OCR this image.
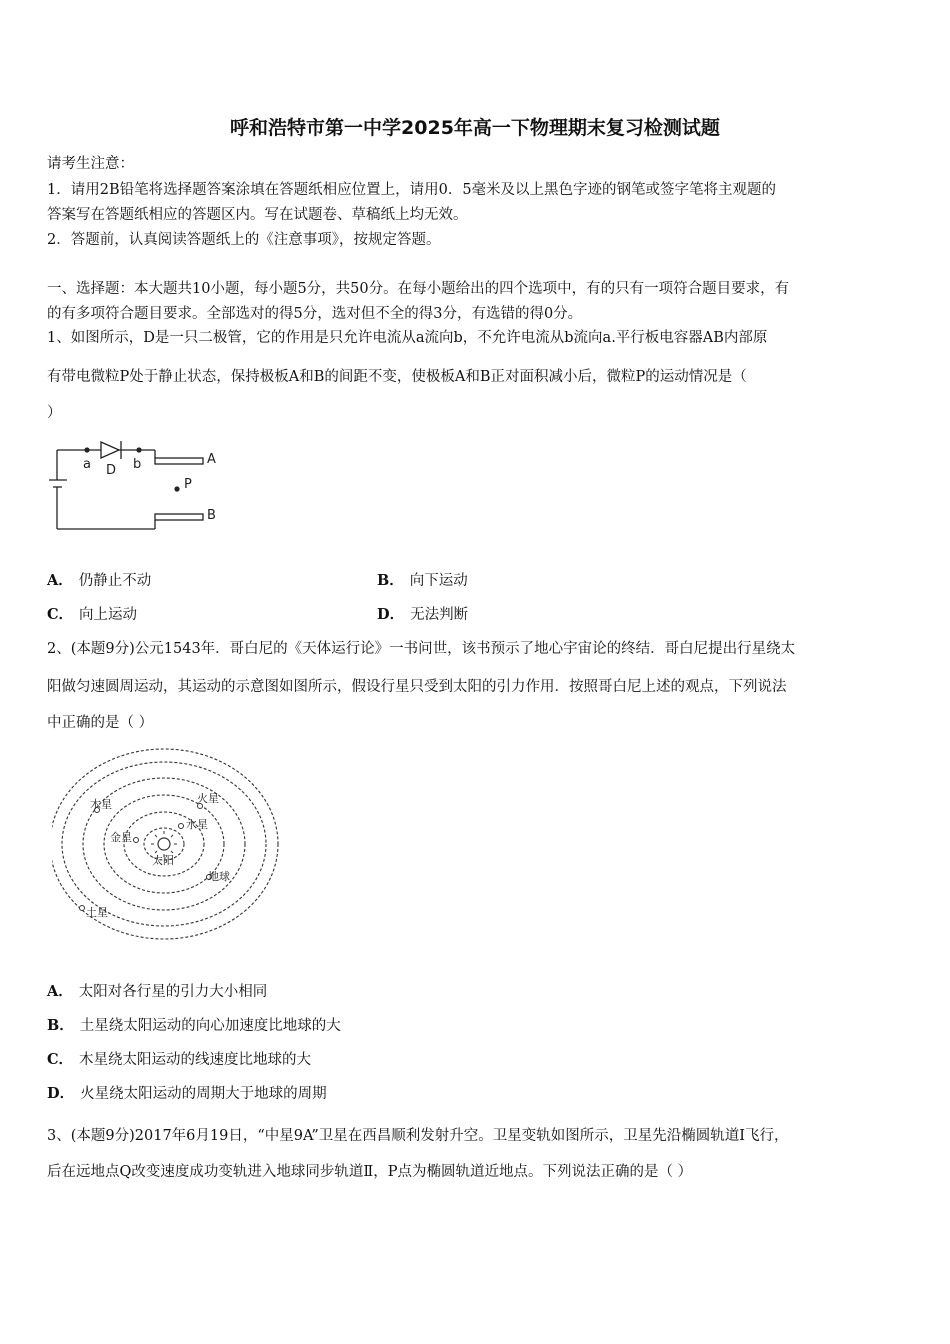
呼和浩特市第一中学2025年高一下物理期末复习检测试题
请考生注意：
1．请用2B铅笔将选择题答案涂填在答题纸相应位置上，请用0．5毫米及以上黑色字迹的钢笔或签字笔将主观题的
答案写在答题纸相应的答题区内。写在试题卷、草稿纸上均无效。
2．答题前，认真阅读答题纸上的《注意事项》，按规定答题。
一、选择题：本大题共10小题，每小题5分，共50分。在每小题给出的四个选项中，有的只有一项符合题目要求，有
的有多项符合题目要求。全部选对的得5分，选对但不全的得3分，有选错的得0分。
1、如图所示，D是一只二极管，它的作用是只允许电流从a流向b，不允许电流从b流向a.平行板电容器AB内部原
有带电微粒P处于静止状态，保持极板A和B的间距不变，使极板A和B正对面积减小后，微粒P的运动情况是（
）
a D b	A
P
B
A． 仍静止不动	B． 向下运动
C． 向上运动	D． 无法判断
2、(本题9分)公元1543年．哥白尼的《天体运行论》一书问世，该书预示了地心宇宙论的终结．哥白尼提出行星绕太
阳做匀速圆周运动，其运动的示意图如图所示，假设行星只受到太阳的引力作用．按照哥白尼上述的观点，下列说法
中正确的是（ ）
太阳
水星
金星
地球
火星
木星
土星
A． 太阳对各行星的引力大小相同
B． 土星绕太阳运动的向心加速度比地球的大
C． 木星绕太阳运动的线速度比地球的大
D． 火星绕太阳运动的周期大于地球的周期
3、(本题9分)2017年6月19日，“中星9A”卫星在西昌顺利发射升空。卫星变轨如图所示，卫星先沿椭圆轨道Ⅰ飞行，
后在远地点Q改变速度成功变轨进入地球同步轨道Ⅱ，P点为椭圆轨道近地点。下列说法正确的是（ ）
